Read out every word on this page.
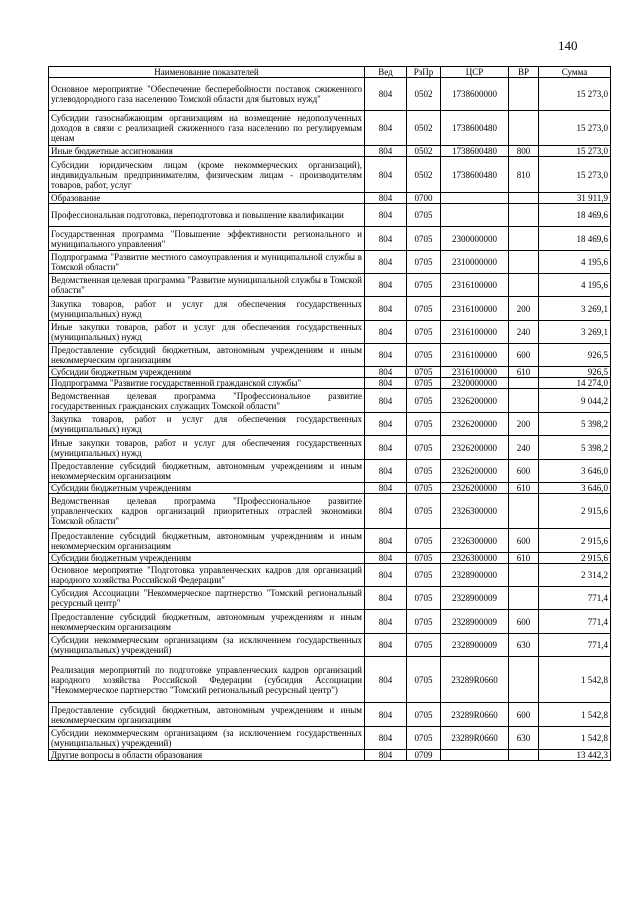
140
Наименование показателей	Вед	РзПр	ЦСР	ВР	Сумма
Основное мероприятие "Обеспечение бесперебойности поставок сжиженного углеводородного газа населению Томской области для бытовых нужд"	804	0502	1738600000		15 273,0
Субсидии газоснабжающим организациям на возмещение недополученных доходов в связи с реализацией сжиженного газа населению по регулируемым ценам	804	0502	1738600480		15 273,0
Иные бюджетные ассигнования	804	0502	1738600480	800	15 273,0
Субсидии юридическим лицам (кроме некоммерческих организаций), индивидуальным предпринимателям, физическим лицам - производителям товаров, работ, услуг	804	0502	1738600480	810	15 273,0
Образование	804	0700			31 911,9
Профессиональная подготовка, переподготовка и повышение квалификации	804	0705			18 469,6
Государственная программа "Повышение эффективности регионального и муниципального управления"	804	0705	2300000000		18 469,6
Подпрограмма "Развитие местного самоуправления и муниципальной службы в Томской области"	804	0705	2310000000		4 195,6
Ведомственная целевая программа "Развитие муниципальной службы в Томской области"	804	0705	2316100000		4 195,6
Закупка товаров, работ и услуг для обеспечения государственных (муниципальных) нужд	804	0705	2316100000	200	3 269,1
Иные закупки товаров, работ и услуг для обеспечения государственных (муниципальных) нужд	804	0705	2316100000	240	3 269,1
Предоставление субсидий бюджетным, автономным учреждениям и иным некоммерческим организациям	804	0705	2316100000	600	926,5
Субсидии бюджетным учреждениям	804	0705	2316100000	610	926,5
Подпрограмма "Развитие государственной гражданской службы"	804	0705	2320000000		14 274,0
Ведомственная целевая программа "Профессиональное развитие государственных гражданских служащих Томской области"	804	0705	2326200000		9 044,2
Закупка товаров, работ и услуг для обеспечения государственных (муниципальных) нужд	804	0705	2326200000	200	5 398,2
Иные закупки товаров, работ и услуг для обеспечения государственных (муниципальных) нужд	804	0705	2326200000	240	5 398,2
Предоставление субсидий бюджетным, автономным учреждениям и иным некоммерческим организациям	804	0705	2326200000	600	3 646,0
Субсидии бюджетным учреждениям	804	0705	2326200000	610	3 646,0
Ведомственная целевая программа "Профессиональное развитие управленческих кадров организаций приоритетных отраслей экономики Томской области"	804	0705	2326300000		2 915,6
Предоставление субсидий бюджетным, автономным учреждениям и иным некоммерческим организациям	804	0705	2326300000	600	2 915,6
Субсидии бюджетным учреждениям	804	0705	2326300000	610	2 915,6
Основное мероприятие "Подготовка управленческих кадров для организаций народного хозяйства Российской Федерации"	804	0705	2328900000		2 314,2
Субсидия Ассоциации "Некоммерческое партнерство "Томский региональный ресурсный центр"	804	0705	2328900009		771,4
Предоставление субсидий бюджетным, автономным учреждениям и иным некоммерческим организациям	804	0705	2328900009	600	771,4
Субсидии некоммерческим организациям (за исключением государственных (муниципальных) учреждений)	804	0705	2328900009	630	771,4
Реализация мероприятий по подготовке управленческих кадров организаций народного хозяйства Российской Федерации (субсидия Ассоциации "Некоммерческое партнерство "Томский региональный ресурсный центр")	804	0705	23289R0660		1 542,8
Предоставление субсидий бюджетным, автономным учреждениям и иным некоммерческим организациям	804	0705	23289R0660	600	1 542,8
Субсидии некоммерческим организациям (за исключением государственных (муниципальных) учреждений)	804	0705	23289R0660	630	1 542,8
Другие вопросы в области образования	804	0709			13 442,3
